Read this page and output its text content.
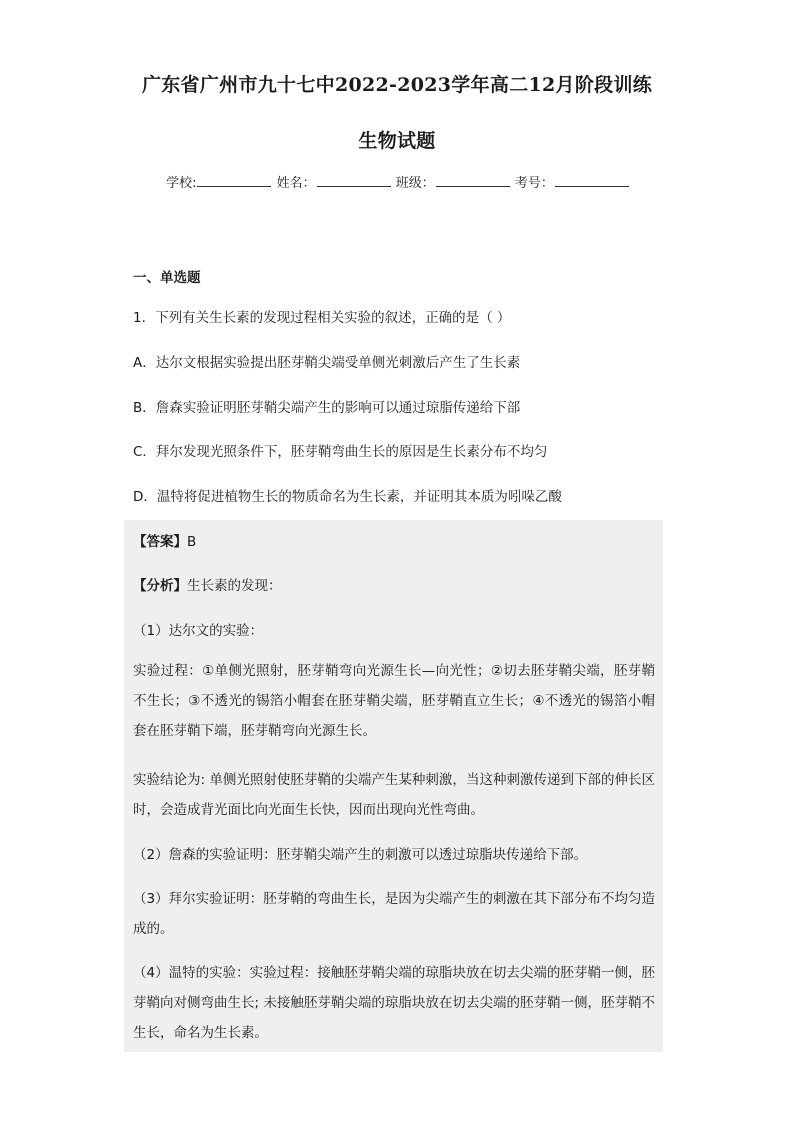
广东省广州市九十七中2022-2023学年高二12月阶段训练
生物试题
学校:	姓名：	班级：	考号：
一、单选题
1．下列有关生长素的发现过程相关实验的叙述，正确的是（ ）
A．达尔文根据实验提出胚芽鞘尖端受单侧光刺激后产生了生长素
B．詹森实验证明胚芽鞘尖端产生的影响可以通过琼脂传递给下部
C．拜尔发现光照条件下，胚芽鞘弯曲生长的原因是生长素分布不均匀
D．温特将促进植物生长的物质命名为生长素，并证明其本质为吲哚乙酸
【答案】B
【分析】生长素的发现：
（1）达尔文的实验：
实验过程：①单侧光照射，胚芽鞘弯向光源生长—向光性；②切去胚芽鞘尖端，胚芽鞘不生长；③不透光的锡箔小帽套在胚芽鞘尖端，胚芽鞘直立生长；④不透光的锡箔小帽套在胚芽鞘下端，胚芽鞘弯向光源生长。
实验结论为: 单侧光照射使胚芽鞘的尖端产生某种刺激，当这种刺激传递到下部的伸长区时，会造成背光面比向光面生长快，因而出现向光性弯曲。
（2）詹森的实验证明：胚芽鞘尖端产生的刺激可以透过琼脂块传递给下部。
（3）拜尔实验证明：胚芽鞘的弯曲生长，是因为尖端产生的刺激在其下部分布不均匀造成的。
（4）温特的实验：实验过程：接触胚芽鞘尖端的琼脂块放在切去尖端的胚芽鞘一侧，胚芽鞘向对侧弯曲生长; 未接触胚芽鞘尖端的琼脂块放在切去尖端的胚芽鞘一侧，胚芽鞘不生长，命名为生长素。
